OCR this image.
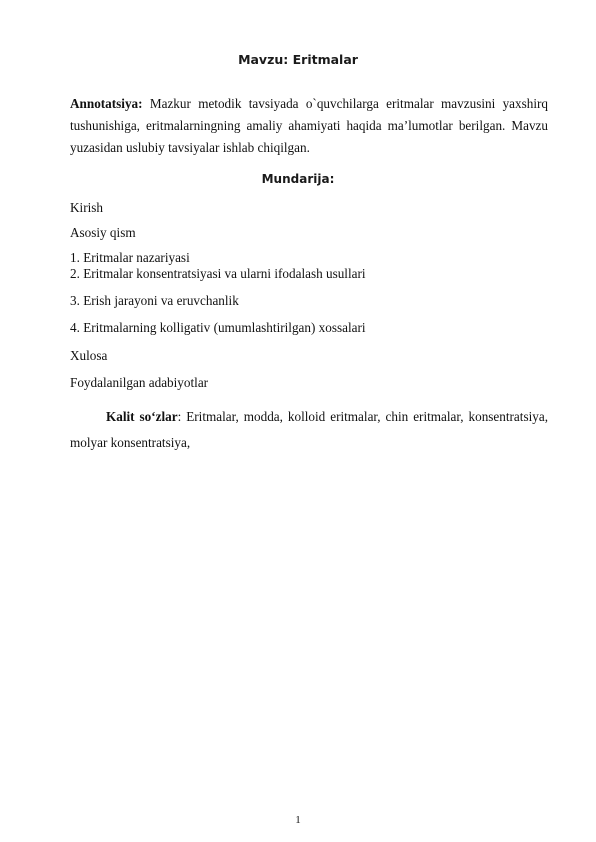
Mavzu: Eritmalar

Annotatsiya: Mazkur metodik tavsiyada o`quvchilarga eritmalar mavzusini yaxshirq tushunishiga, eritmalarningning amaliy ahamiyati haqida ma’lumotlar berilgan. Mavzu yuzasidan uslubiy tavsiyalar ishlab chiqilgan.

Mundarija:
Kirish
Asosiy qism
1. Eritmalar nazariyasi
2. Eritmalar konsentratsiyasi va ularni ifodalash usullari
3. Erish jarayoni va eruvchanlik
4. Eritmalarning kolligativ (umumlashtirilgan) xossalari
Xulosa
Foydalanilgan adabiyotlar

Kalit so‘zlar: Eritmalar, modda, kolloid eritmalar, chin eritmalar, konsentratsiya, molyar konsentratsiya,

1
